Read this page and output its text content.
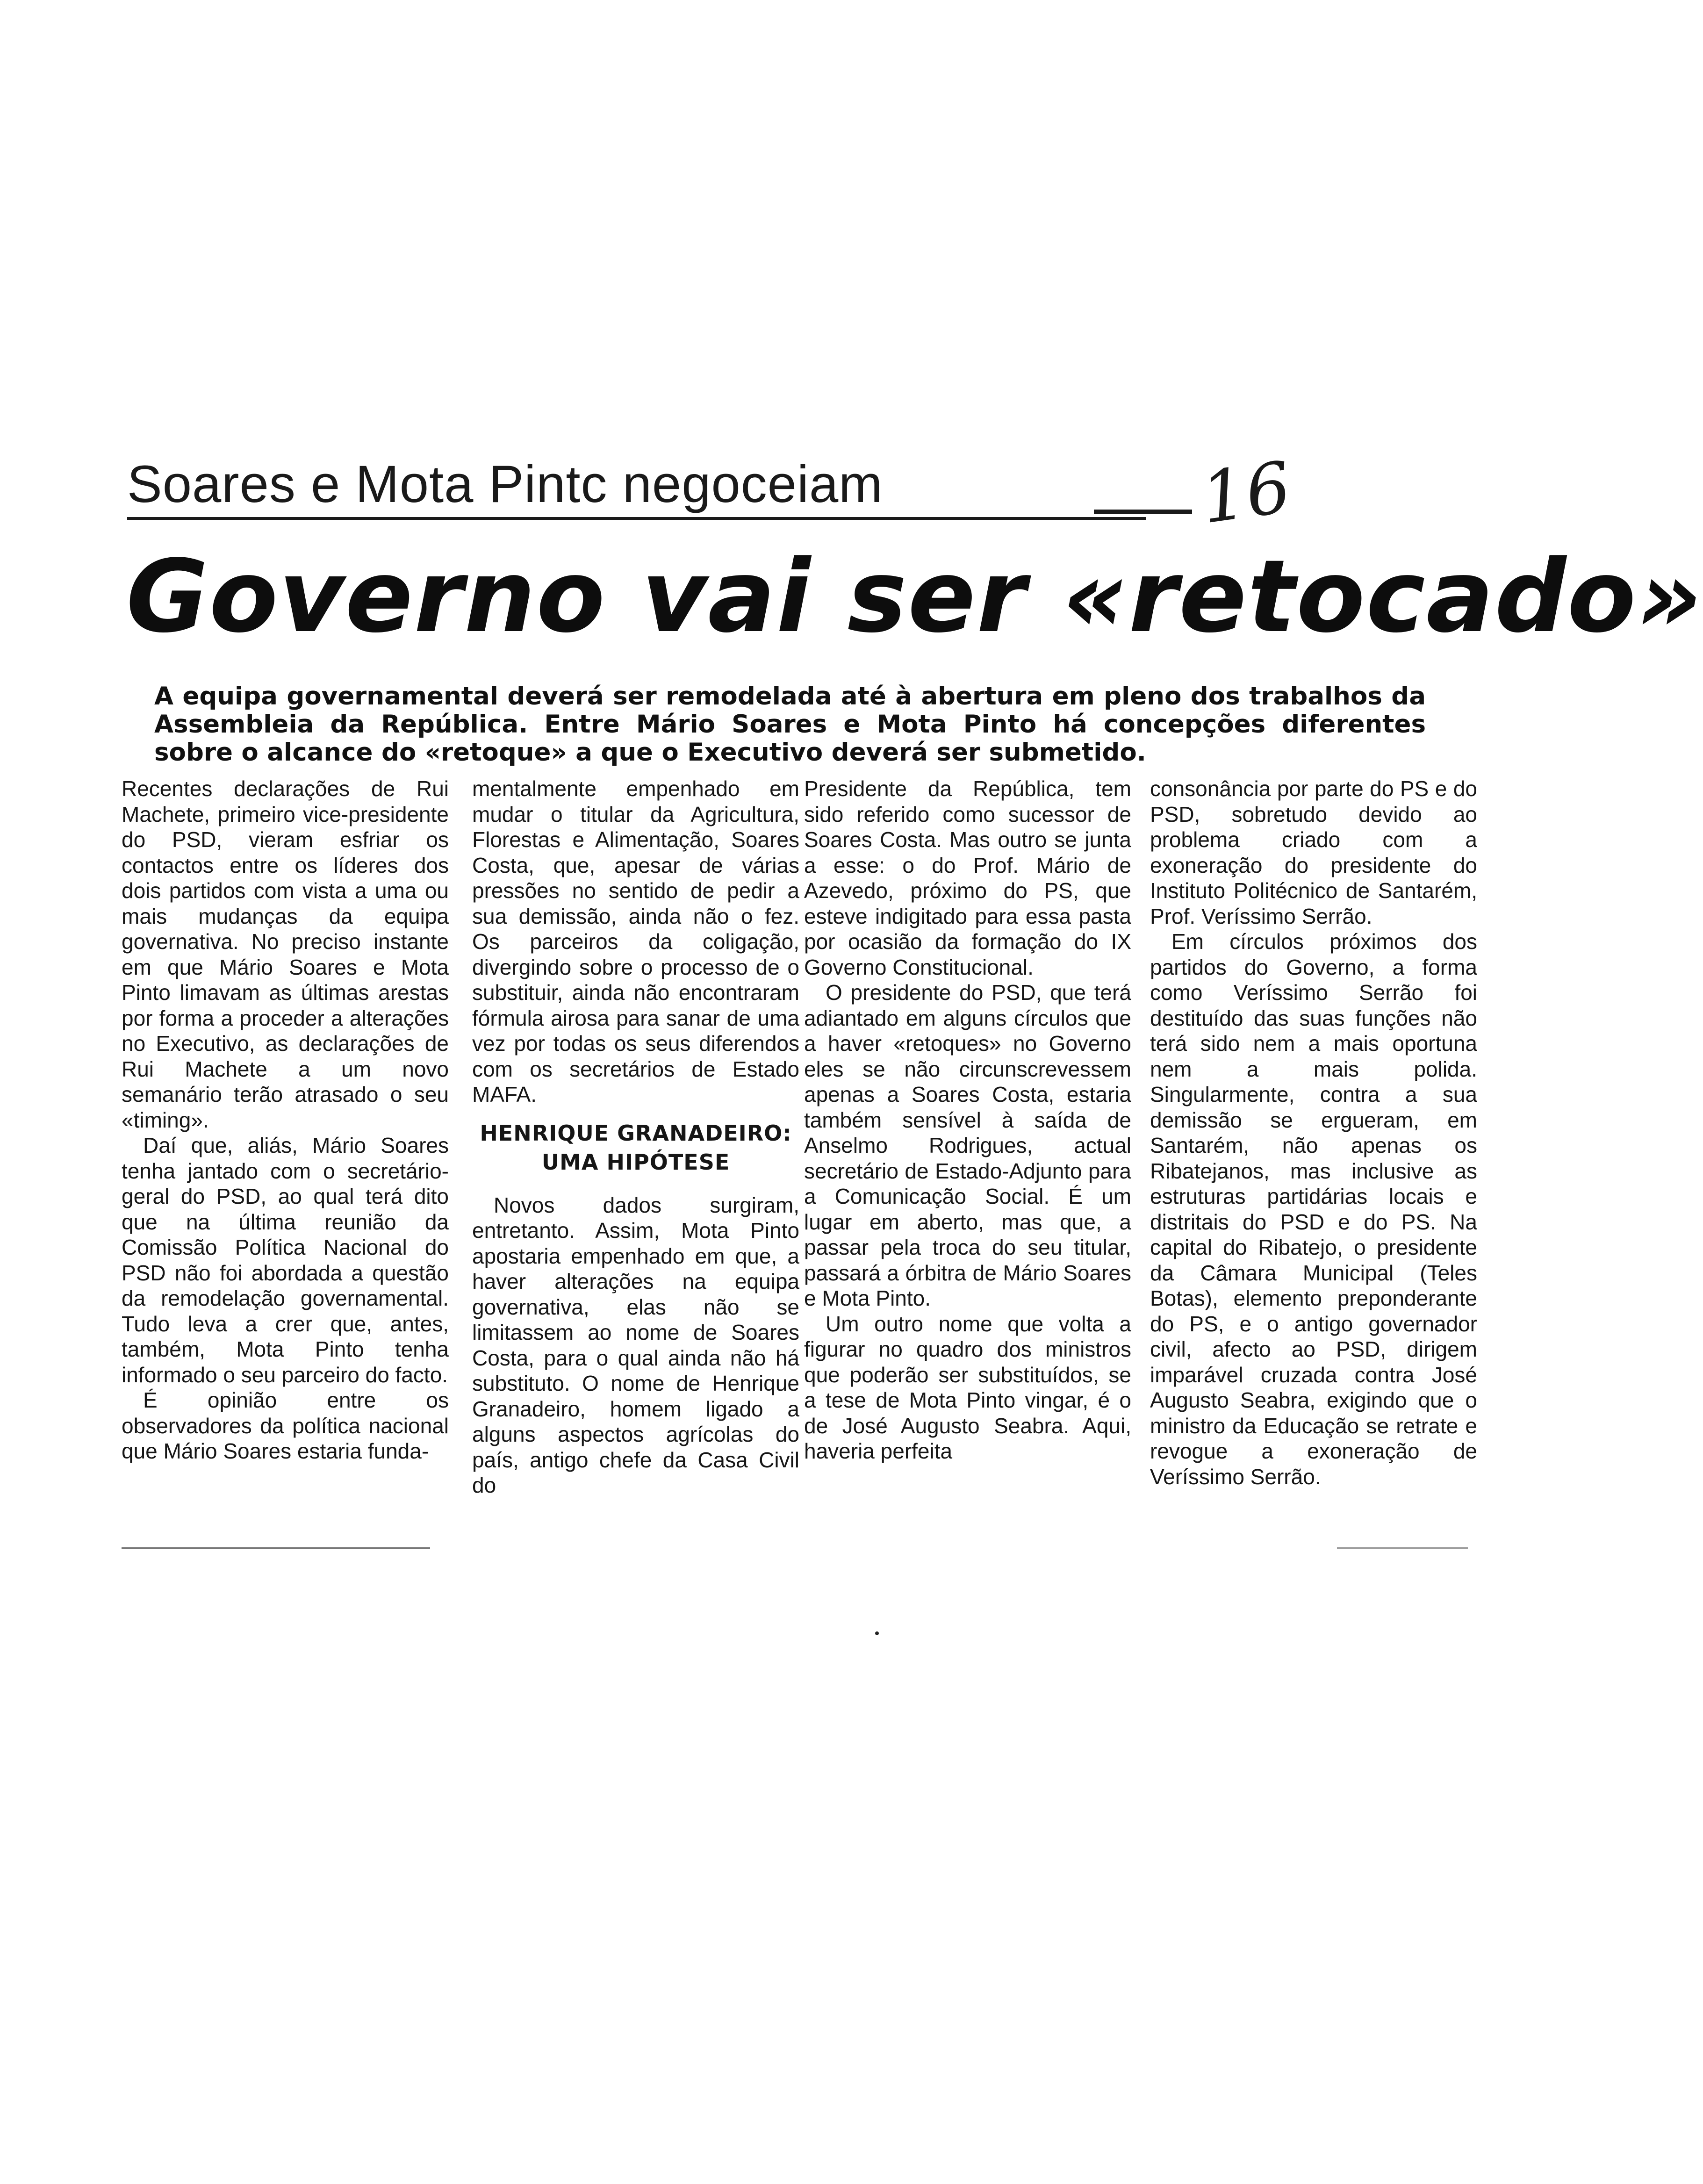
Soares e Mota Pintc negoceiam	16
Governo vai ser «retocado»
A equipa governamental deverá ser remodelada até à abertura em pleno dos trabalhos da Assembleia da República. Entre Mário Soares e Mota Pinto há concepções diferentes sobre o alcance do «retoque» a que o Executivo deverá ser submetido.

Recentes declarações de Rui Machete, primeiro vice-presidente do PSD, vieram esfriar os contactos entre os líderes dos dois partidos com vista a uma ou mais mudanças da equipa governativa. No preciso instante em que Mário Soares e Mota Pinto limavam as últimas arestas por forma a proceder a alterações no Executivo, as declarações de Rui Machete a um novo semanário terão atrasado o seu «timing».

Daí que, aliás, Mário Soares tenha jantado com o secretário-geral do PSD, ao qual terá dito que na última reunião da Comissão Política Nacional do PSD não foi abordada a questão da remodelação governamental. Tudo leva a crer que, antes, também, Mota Pinto tenha informado o seu parceiro do facto.

É opinião entre os observadores da política nacional que Mário Soares estaria funda-

mentalmente empenhado em mudar o titular da Agricultura, Florestas e Alimentação, Soares Costa, que, apesar de várias pressões no sentido de pedir a sua demissão, ainda não o fez. Os parceiros da coligação, divergindo sobre o processo de o substituir, ainda não encontraram fórmula airosa para sanar de uma vez por todas os seus diferendos com os secretários de Estado MAFA.

HENRIQUE GRANADEIRO: UMA HIPÓTESE

Novos dados surgiram, entretanto. Assim, Mota Pinto apostaria empenhado em que, a haver alterações na equipa governativa, elas não se limitassem ao nome de Soares Costa, para o qual ainda não há substituto. O nome de Henrique Granadeiro, homem ligado a alguns aspectos agrícolas do país, antigo chefe da Casa Civil do

Presidente da República, tem sido referido como sucessor de Soares Costa. Mas outro se junta a esse: o do Prof. Mário de Azevedo, próximo do PS, que esteve indigitado para essa pasta por ocasião da formação do IX Governo Constitucional.

O presidente do PSD, que terá adiantado em alguns círculos que a haver «retoques» no Governo eles se não circunscrevessem apenas a Soares Costa, estaria também sensível à saída de Anselmo Rodrigues, actual secretário de Estado-Adjunto para a Comunicação Social. É um lugar em aberto, mas que, a passar pela troca do seu titular, passará a órbitra de Mário Soares e Mota Pinto.

Um outro nome que volta a figurar no quadro dos ministros que poderão ser substituídos, se a tese de Mota Pinto vingar, é o de José Augusto Seabra. Aqui, haveria perfeita

consonância por parte do PS e do PSD, sobretudo devido ao problema criado com a exoneração do presidente do Instituto Politécnico de Santarém, Prof. Veríssimo Serrão.

Em círculos próximos dos partidos do Governo, a forma como Veríssimo Serrão foi destituído das suas funções não terá sido nem a mais oportuna nem a mais polida. Singularmente, contra a sua demissão se ergueram, em Santarém, não apenas os Ribatejanos, mas inclusive as estruturas partidárias locais e distritais do PSD e do PS. Na capital do Ribatejo, o presidente da Câmara Municipal (Teles Botas), elemento preponderante do PS, e o antigo governador civil, afecto ao PSD, dirigem imparável cruzada contra José Augusto Seabra, exigindo que o ministro da Educação se retrate e revogue a exoneração de Veríssimo Serrão.
